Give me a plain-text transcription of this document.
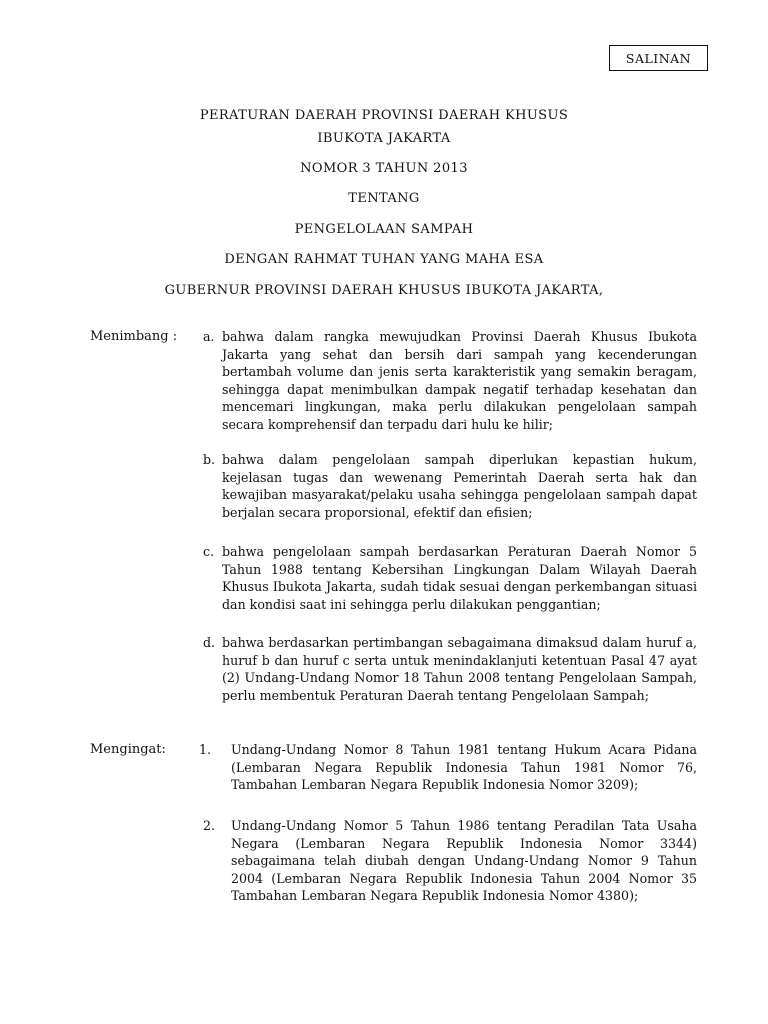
SALINAN
PERATURAN DAERAH PROVINSI DAERAH KHUSUS
IBUKOTA JAKARTA
NOMOR 3 TAHUN 2013
TENTANG
PENGELOLAAN SAMPAH
DENGAN RAHMAT TUHAN YANG MAHA ESA
GUBERNUR PROVINSI DAERAH KHUSUS IBUKOTA JAKARTA,
Menimbang : a. bahwa dalam rangka mewujudkan Provinsi Daerah Khusus Ibukota Jakarta yang sehat dan bersih dari sampah yang kecenderungan bertambah volume dan jenis serta karakteristik yang semakin beragam, sehingga dapat menimbulkan dampak negatif terhadap kesehatan dan mencemari lingkungan, maka perlu dilakukan pengelolaan sampah secara komprehensif dan terpadu dari hulu ke hilir;
b. bahwa dalam pengelolaan sampah diperlukan kepastian hukum, kejelasan tugas dan wewenang Pemerintah Daerah serta hak dan kewajiban masyarakat/pelaku usaha sehingga pengelolaan sampah dapat berjalan secara proporsional, efektif dan efisien;
c. bahwa pengelolaan sampah berdasarkan Peraturan Daerah Nomor 5 Tahun 1988 tentang Kebersihan Lingkungan Dalam Wilayah Daerah Khusus Ibukota Jakarta, sudah tidak sesuai dengan perkembangan situasi dan kondisi saat ini sehingga perlu dilakukan penggantian;
d. bahwa berdasarkan pertimbangan sebagaimana dimaksud dalam huruf a, huruf b dan huruf c serta untuk menindaklanjuti ketentuan Pasal 47 ayat (2) Undang-Undang Nomor 18 Tahun 2008 tentang Pengelolaan Sampah, perlu membentuk Peraturan Daerah tentang Pengelolaan Sampah;
Mengingat:	1. Undang-Undang Nomor 8 Tahun 1981 tentang Hukum Acara Pidana (Lembaran Negara Republik Indonesia Tahun 1981 Nomor 76, Tambahan Lembaran Negara Republik Indonesia Nomor 3209);
2. Undang-Undang Nomor 5 Tahun 1986 tentang Peradilan Tata Usaha Negara (Lembaran Negara Republik Indonesia Nomor 3344) sebagaimana telah diubah dengan Undang-Undang Nomor 9 Tahun 2004 (Lembaran Negara Republik Indonesia Tahun 2004 Nomor 35 Tambahan Lembaran Negara Republik Indonesia Nomor 4380);
